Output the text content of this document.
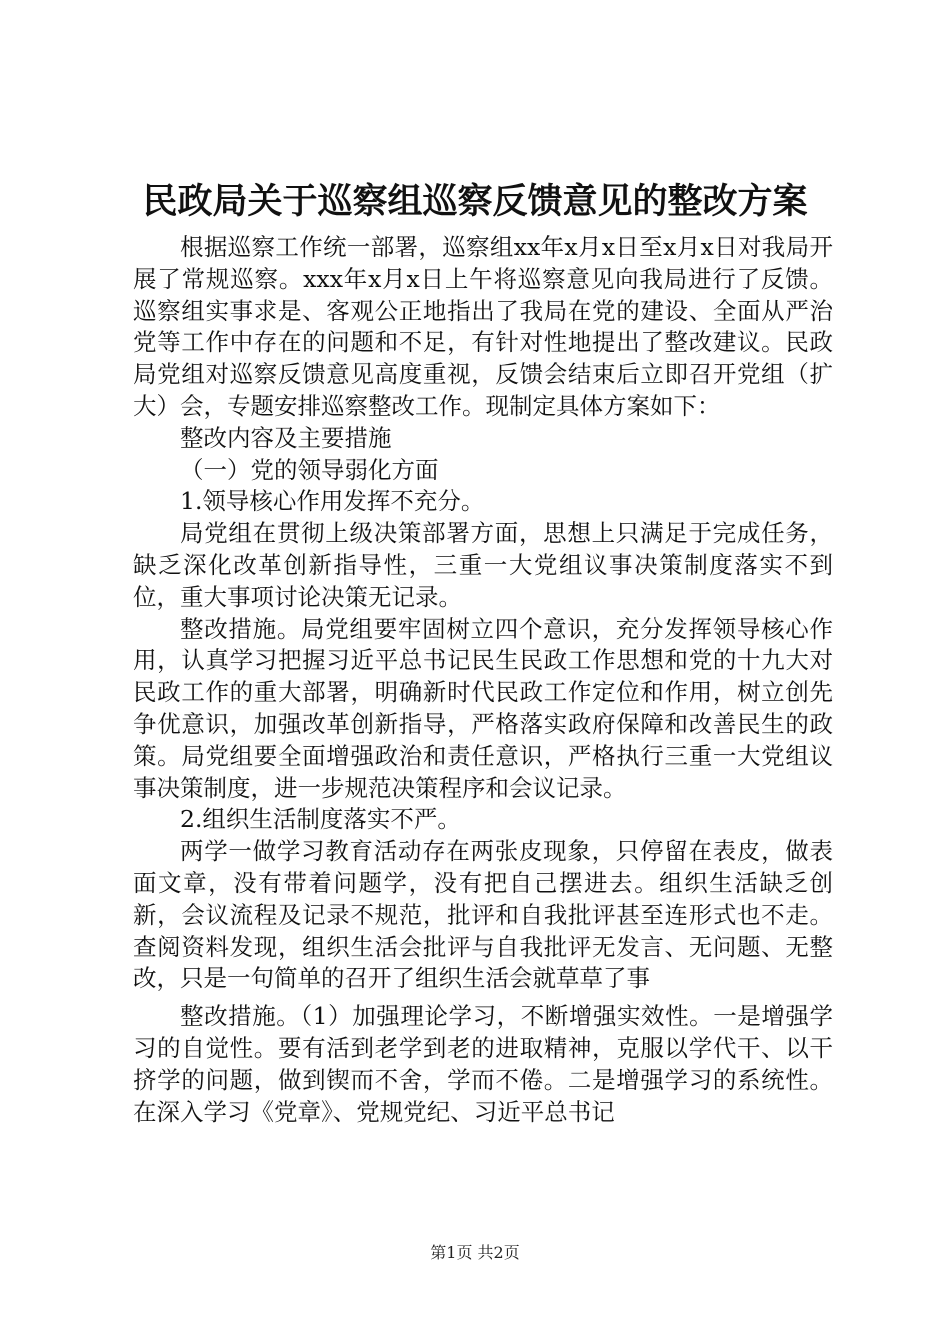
民政局关于巡察组巡察反馈意见的整改方案

根据巡察工作统一部署，巡察组xx年x月x日至x月x日对我局开展了常规巡察。xxx年x月x日上午将巡察意见向我局进行了反馈。巡察组实事求是、客观公正地指出了我局在党的建设、全面从严治党等工作中存在的问题和不足，有针对性地提出了整改建议。民政局党组对巡察反馈意见高度重视，反馈会结束后立即召开党组（扩大）会，专题安排巡察整改工作。现制定具体方案如下：

整改内容及主要措施

（一）党的领导弱化方面

1.领导核心作用发挥不充分。

局党组在贯彻上级决策部署方面，思想上只满足于完成任务，缺乏深化改革创新指导性，三重一大党组议事决策制度落实不到位，重大事项讨论决策无记录。

整改措施。局党组要牢固树立四个意识，充分发挥领导核心作用，认真学习把握习近平总书记民生民政工作思想和党的十九大对民政工作的重大部署，明确新时代民政工作定位和作用，树立创先争优意识，加强改革创新指导，严格落实政府保障和改善民生的政策。局党组要全面增强政治和责任意识，严格执行三重一大党组议事决策制度，进一步规范决策程序和会议记录。

2.组织生活制度落实不严。

两学一做学习教育活动存在两张皮现象，只停留在表皮，做表面文章，没有带着问题学，没有把自己摆进去。组织生活缺乏创新，会议流程及记录不规范，批评和自我批评甚至连形式也不走。查阅资料发现，组织生活会批评与自我批评无发言、无问题、无整改，只是一句简单的召开了组织生活会就草草了事

整改措施。（1）加强理论学习，不断增强实效性。一是增强学习的自觉性。要有活到老学到老的进取精神，克服以学代干、以干挤学的问题，做到锲而不舍，学而不倦。二是增强学习的系统性。在深入学习《党章》、党规党纪、习近平总书记

第1页 共2页
